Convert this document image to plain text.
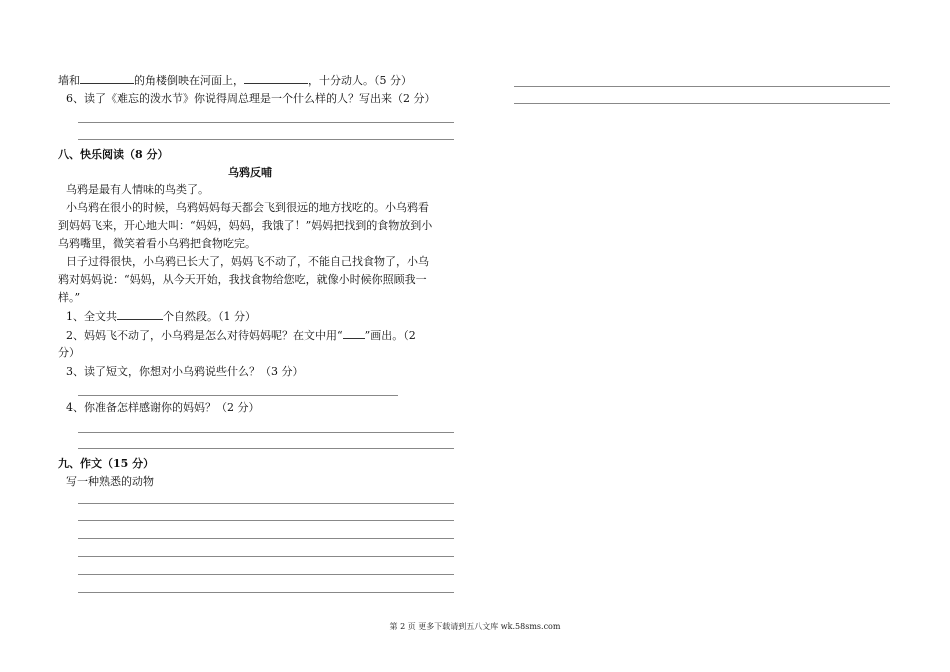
墙和	的角楼倒映在河面上，	，十分动人。（5 分）
6、读了《难忘的泼水节》你说得周总理是一个什么样的人？写出来（2 分）
八、快乐阅读（8 分）
乌鸦反哺
乌鸦是最有人情味的鸟类了。
小乌鸦在很小的时候，乌鸦妈妈每天都会飞到很远的地方找吃的。小乌鸦看
到妈妈飞来，开心地大叫：“妈妈，妈妈，我饿了！”妈妈把找到的食物放到小
乌鸦嘴里，微笑着看小乌鸦把食物吃完。
日子过得很快，小乌鸦已长大了，妈妈飞不动了，不能自己找食物了，小乌
鸦对妈妈说：“妈妈，从今天开始，我找食物给您吃，就像小时候你照顾我一
样。”
1、全文共	个自然段。（1 分）
2、妈妈飞不动了，小乌鸦是怎么对待妈妈呢？在文中用“ ”画出。（2
分）
3、读了短文，你想对小乌鸦说些什么？（3 分）
4、你准备怎样感谢你的妈妈？（2 分）
九、作文（15 分）
写一种熟悉的动物
第 2 页 更多下载请到五八文库 wk.58sms.com
